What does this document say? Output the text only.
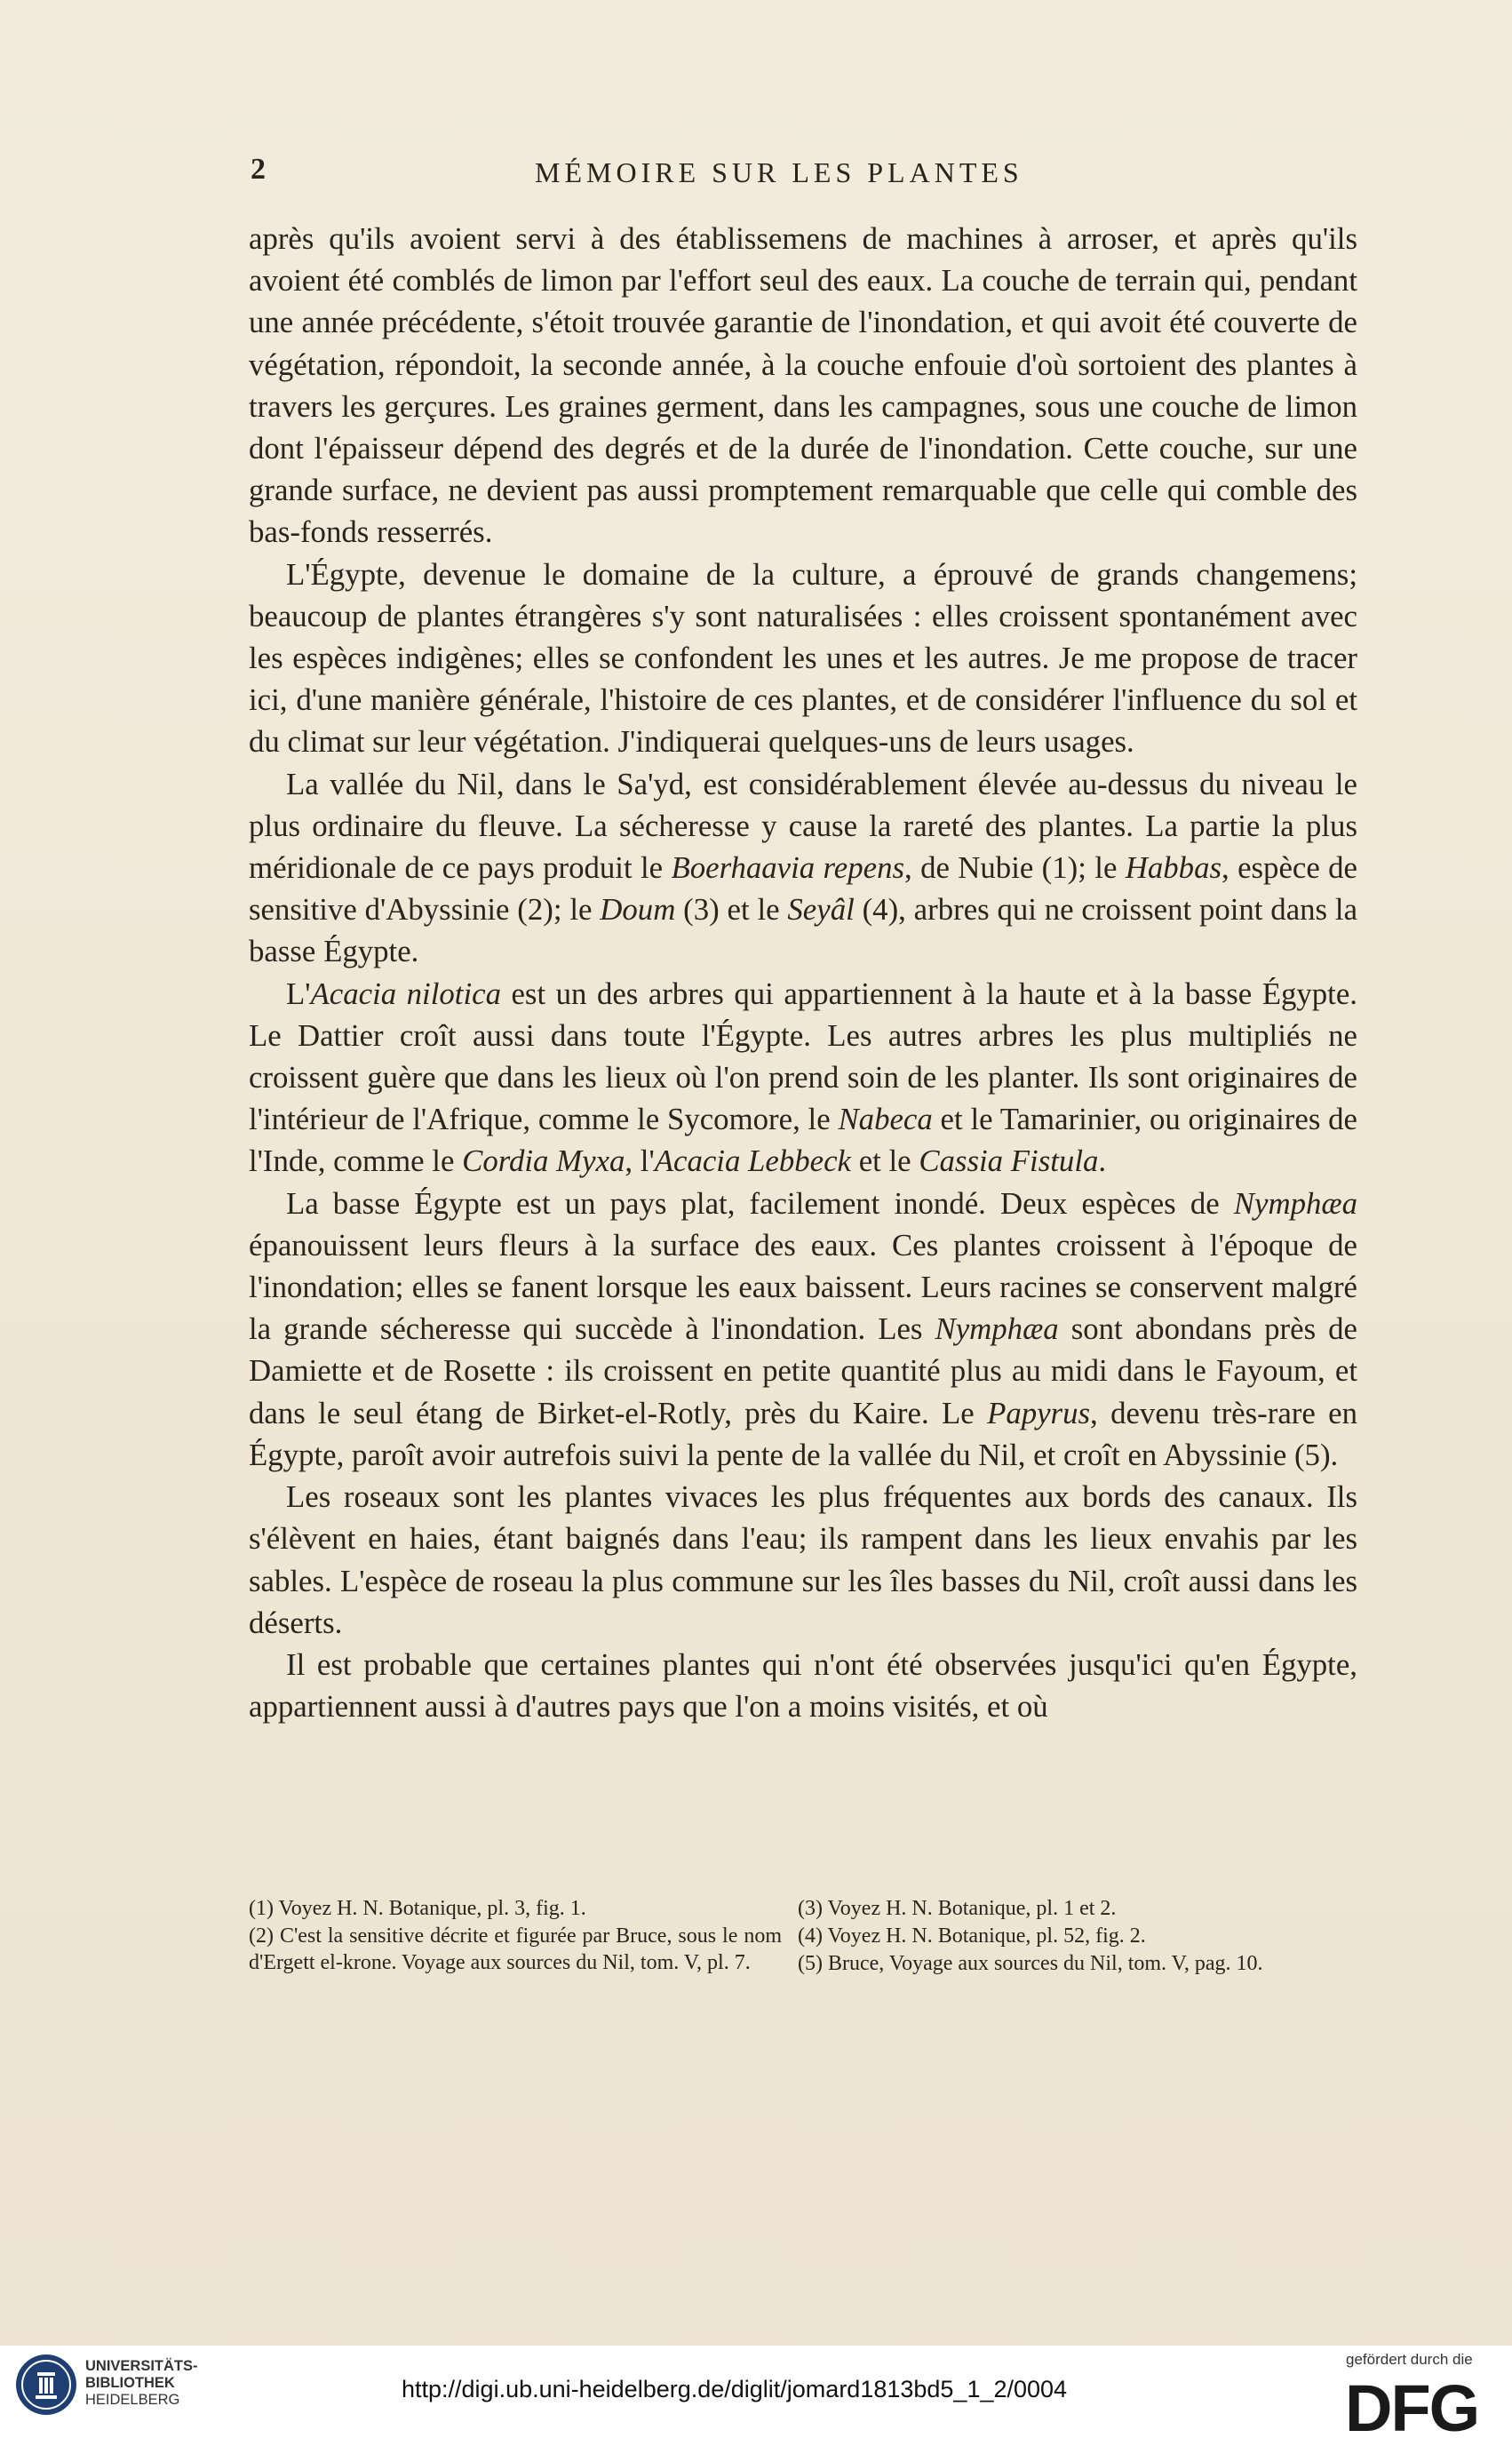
2	MÉMOIRE SUR LES PLANTES

après qu'ils avoient servi à des établissemens de machines à arroser, et après qu'ils avoient été comblés de limon par l'effort seul des eaux. La couche de terrain qui, pendant une année précédente, s'étoit trouvée garantie de l'inondation, et qui avoit été couverte de végétation, répondoit, la seconde année, à la couche enfouie d'où sortoient des plantes à travers les gerçures. Les graines germent, dans les campagnes, sous une couche de limon dont l'épaisseur dépend des degrés et de la durée de l'inondation. Cette couche, sur une grande surface, ne devient pas aussi promptement remarquable que celle qui comble des bas-fonds resserrés.

L'Égypte, devenue le domaine de la culture, a éprouvé de grands changemens; beaucoup de plantes étrangères s'y sont naturalisées : elles croissent spontanément avec les espèces indigènes; elles se confondent les unes et les autres. Je me propose de tracer ici, d'une manière générale, l'histoire de ces plantes, et de considérer l'influence du sol et du climat sur leur végétation. J'indiquerai quelques-uns de leurs usages.

La vallée du Nil, dans le Sa'yd, est considérablement élevée au-dessus du niveau le plus ordinaire du fleuve. La sécheresse y cause la rareté des plantes. La partie la plus méridionale de ce pays produit le Boerhaavia repens, de Nubie (1); le Habbas, espèce de sensitive d'Abyssinie (2); le Doum (3) et le Seyâl (4), arbres qui ne croissent point dans la basse Égypte.

L'Acacia nilotica est un des arbres qui appartiennent à la haute et à la basse Égypte. Le Dattier croît aussi dans toute l'Égypte. Les autres arbres les plus multipliés ne croissent guère que dans les lieux où l'on prend soin de les planter. Ils sont originaires de l'intérieur de l'Afrique, comme le Sycomore, le Nabeca et le Tamarinier, ou originaires de l'Inde, comme le Cordia Myxa, l'Acacia Lebbeck et le Cassia Fistula.

La basse Égypte est un pays plat, facilement inondé. Deux espèces de Nymphæa épanouissent leurs fleurs à la surface des eaux. Ces plantes croissent à l'époque de l'inondation; elles se fanent lorsque les eaux baissent. Leurs racines se conservent malgré la grande sécheresse qui succède à l'inondation. Les Nymphæa sont abondans près de Damiette et de Rosette : ils croissent en petite quantité plus au midi dans le Fayoum, et dans le seul étang de Birket-el-Rotly, près du Kaire. Le Papyrus, devenu très-rare en Égypte, paroît avoir autrefois suivi la pente de la vallée du Nil, et croît en Abyssinie (5).

Les roseaux sont les plantes vivaces les plus fréquentes aux bords des canaux. Ils s'élèvent en haies, étant baignés dans l'eau; ils rampent dans les lieux envahis par les sables. L'espèce de roseau la plus commune sur les îles basses du Nil, croît aussi dans les déserts.

Il est probable que certaines plantes qui n'ont été observées jusqu'ici qu'en Égypte, appartiennent aussi à d'autres pays que l'on a moins visités, et où

(1) Voyez H. N. Botanique, pl. 3, fig. 1.

(2) C'est la sensitive décrite et figurée par Bruce, sous le nom d'Ergett el-krone. Voyage aux sources du Nil, tom. V, pl. 7.

(3) Voyez H. N. Botanique, pl. 1 et 2.

(4) Voyez H. N. Botanique, pl. 52, fig. 2.

(5) Bruce, Voyage aux sources du Nil, tom. V, pag. 10.

UNIVERSITÄTS-
BIBLIOTHEK
HEIDELBERG	http://digi.ub.uni-heidelberg.de/diglit/jomard1813bd5_1_2/0004
gefördert durch die
DFG
